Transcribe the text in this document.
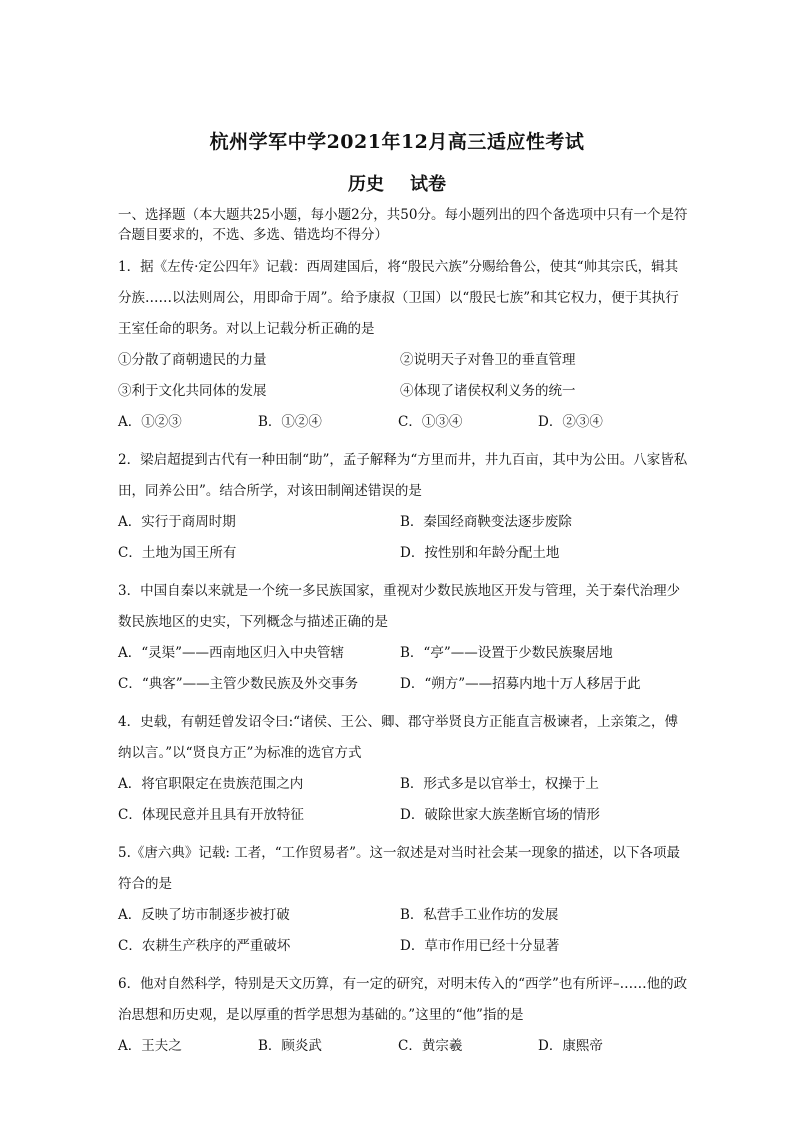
杭州学军中学2021年12月高三适应性考试
历史 试卷
一、选择题（本大题共25小题，每小题2分，共50分。每小题列出的四个备选项中只有一个是符合题目要求的，不选、多选、错选均不得分）

1．据《左传·定公四年》记载：西周建国后，将“殷民六族”分赐给鲁公，使其“帅其宗氏，辑其分族……以法则周公，用即命于周”。给予康叔（卫国）以“殷民七族”和其它权力，便于其执行王室任命的职务。对以上记载分析正确的是

①分散了商朝遗民的力量	②说明天子对鲁卫的垂直管理
③利于文化共同体的发展	④体现了诸侯权利义务的统一
A．①②③	B．①②④	C．①③④	D．②③④

2．梁启超提到古代有一种田制“助”，孟子解释为“方里而井，井九百亩，其中为公田。八家皆私田，同养公田”。结合所学，对该田制阐述错误的是

A．实行于商周时期	B．秦国经商鞅变法逐步废除
C．土地为国王所有	D．按性别和年龄分配土地

3．中国自秦以来就是一个统一多民族国家，重视对少数民族地区开发与管理，关于秦代治理少数民族地区的史实，下列概念与描述正确的是

A．“灵渠”——西南地区归入中央管辖	B．“亭”——设置于少数民族聚居地
C．“典客”——主管少数民族及外交事务	D．“朔方”——招募内地十万人移居于此

4．史载，有朝廷曾发诏令曰:“诸侯、王公、卿、郡守举贤良方正能直言极谏者，上亲策之，傅纳以言。”以“贤良方正”为标准的选官方式

A．将官职限定在贵族范围之内	B．形式多是以官举士，权操于上
C．体现民意并且具有开放特征	D．破除世家大族垄断官场的情形

5.《唐六典》记载: 工者，“工作贸易者”。这一叙述是对当时社会某一现象的描述，以下各项最符合的是

A．反映了坊市制逐步被打破	B．私营手工业作坊的发展
C．农耕生产秩序的严重破坏	D．草市作用已经十分显著

6．他对自然科学，特别是天文历算，有一定的研究，对明末传入的“西学”也有所评–……他的政治思想和历史观，是以厚重的哲学思想为基础的。”这里的“他”指的是

A．王夫之	B．顾炎武	C．黄宗羲	D．康熙帝
